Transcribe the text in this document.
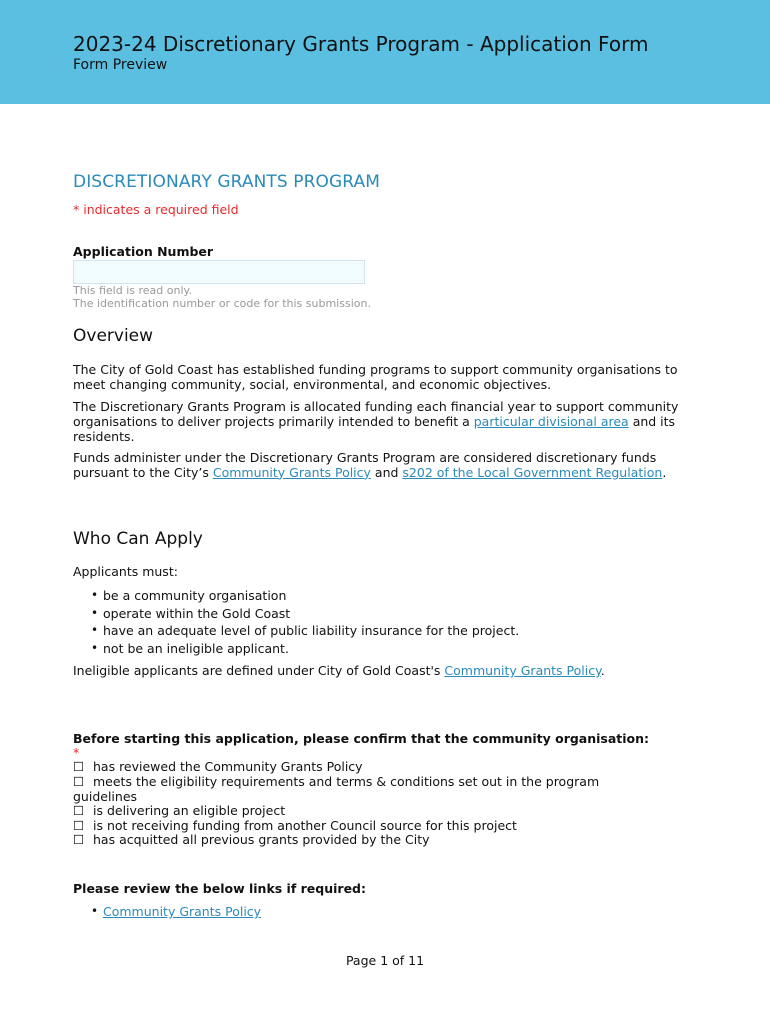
2023-24 Discretionary Grants Program - Application Form
Form Preview
DISCRETIONARY GRANTS PROGRAM
* indicates a required field
Application Number
This field is read only.
The identification number or code for this submission.
Overview
The City of Gold Coast has established funding programs to support community organisations to meet changing community, social, environmental, and economic objectives.
The Discretionary Grants Program is allocated funding each financial year to support community organisations to deliver projects primarily intended to benefit a particular divisional area and its residents.
Funds administer under the Discretionary Grants Program are considered discretionary funds pursuant to the City’s Community Grants Policy and s202 of the Local Government Regulation.
Who Can Apply
Applicants must:
• be a community organisation
• operate within the Gold Coast
• have an adequate level of public liability insurance for the project.
• not be an ineligible applicant.
Ineligible applicants are defined under City of Gold Coast's Community Grants Policy.
Before starting this application, please confirm that the community organisation:
*
☐ has reviewed the Community Grants Policy
☐ meets the eligibility requirements and terms & conditions set out in the program guidelines
☐ is delivering an eligible project
☐ is not receiving funding from another Council source for this project
☐ has acquitted all previous grants provided by the City
Please review the below links if required:
• Community Grants Policy
Page 1 of 11
